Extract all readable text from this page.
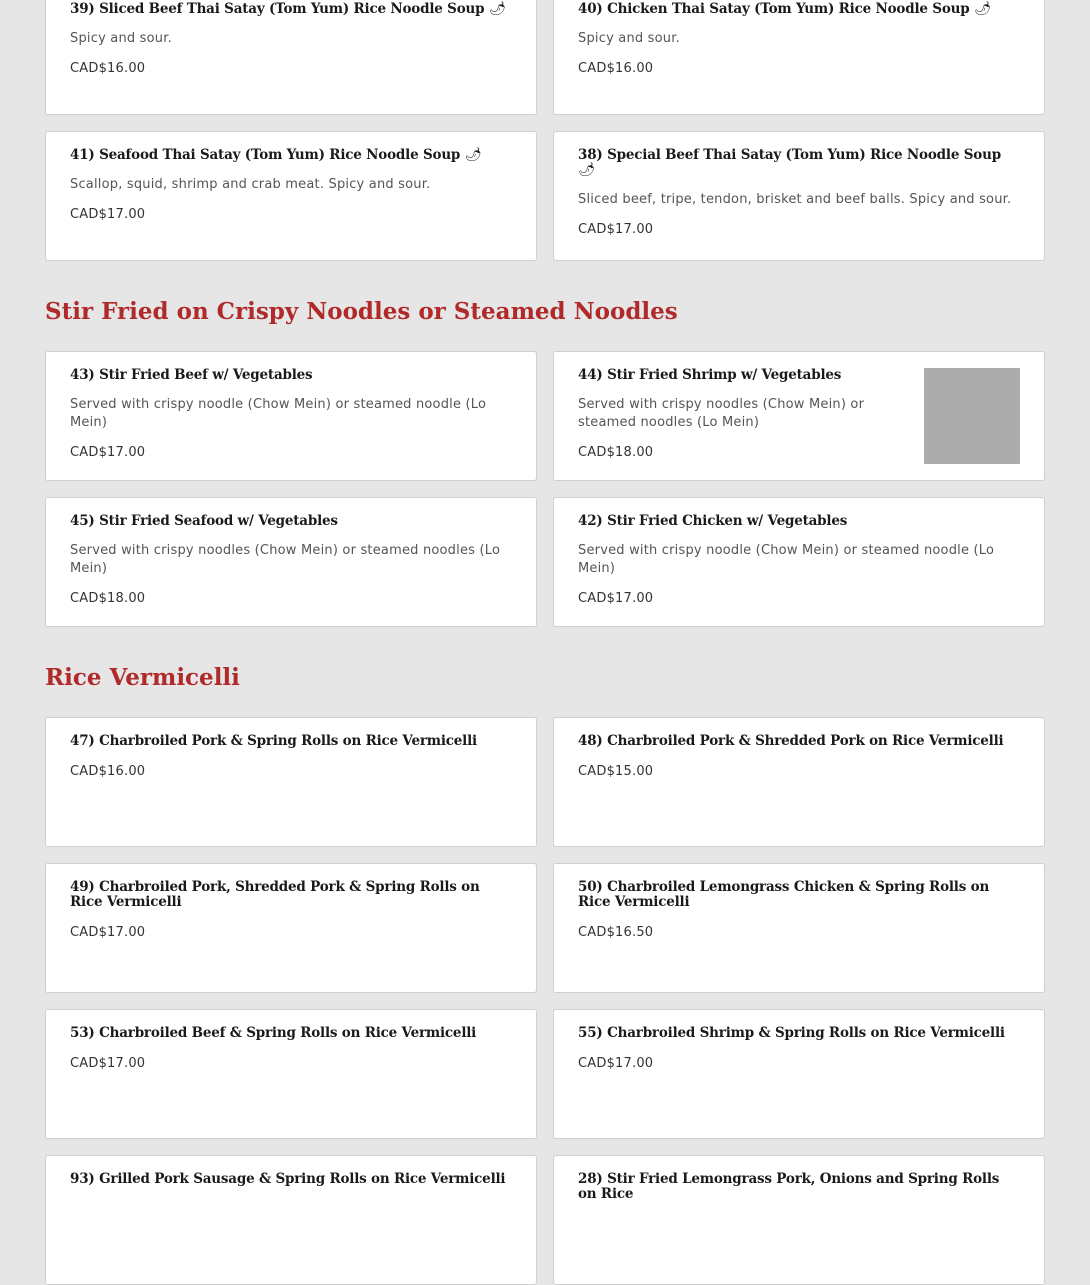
39) Sliced Beef Thai Satay (Tom Yum) Rice Noodle Soup 🌶
Spicy and sour.
CAD$16.00
40) Chicken Thai Satay (Tom Yum) Rice Noodle Soup 🌶
Spicy and sour.
CAD$16.00
41) Seafood Thai Satay (Tom Yum) Rice Noodle Soup 🌶
Scallop, squid, shrimp and crab meat. Spicy and sour.
CAD$17.00
38) Special Beef Thai Satay (Tom Yum) Rice Noodle Soup 🌶
Sliced beef, tripe, tendon, brisket and beef balls. Spicy and sour.
CAD$17.00
Stir Fried on Crispy Noodles or Steamed Noodles
43) Stir Fried Beef w/ Vegetables
Served with crispy noodle (Chow Mein) or steamed noodle (Lo Mein)
CAD$17.00
44) Stir Fried Shrimp w/ Vegetables
Served with crispy noodles (Chow Mein) or steamed noodles (Lo Mein)
CAD$18.00
45) Stir Fried Seafood w/ Vegetables
Served with crispy noodles (Chow Mein) or steamed noodles (Lo Mein)
CAD$18.00
42) Stir Fried Chicken w/ Vegetables
Served with crispy noodle (Chow Mein) or steamed noodle (Lo Mein)
CAD$17.00
Rice Vermicelli
47) Charbroiled Pork & Spring Rolls on Rice Vermicelli
CAD$16.00
48) Charbroiled Pork & Shredded Pork on Rice Vermicelli
CAD$15.00
49) Charbroiled Pork, Shredded Pork & Spring Rolls on Rice Vermicelli
CAD$17.00
50) Charbroiled Lemongrass Chicken & Spring Rolls on Rice Vermicelli
CAD$16.50
53) Charbroiled Beef & Spring Rolls on Rice Vermicelli
CAD$17.00
55) Charbroiled Shrimp & Spring Rolls on Rice Vermicelli
CAD$17.00
93) Grilled Pork Sausage & Spring Rolls on Rice Vermicelli	28) Stir Fried Lemongrass Pork, Onions and Spring Rolls on Rice
